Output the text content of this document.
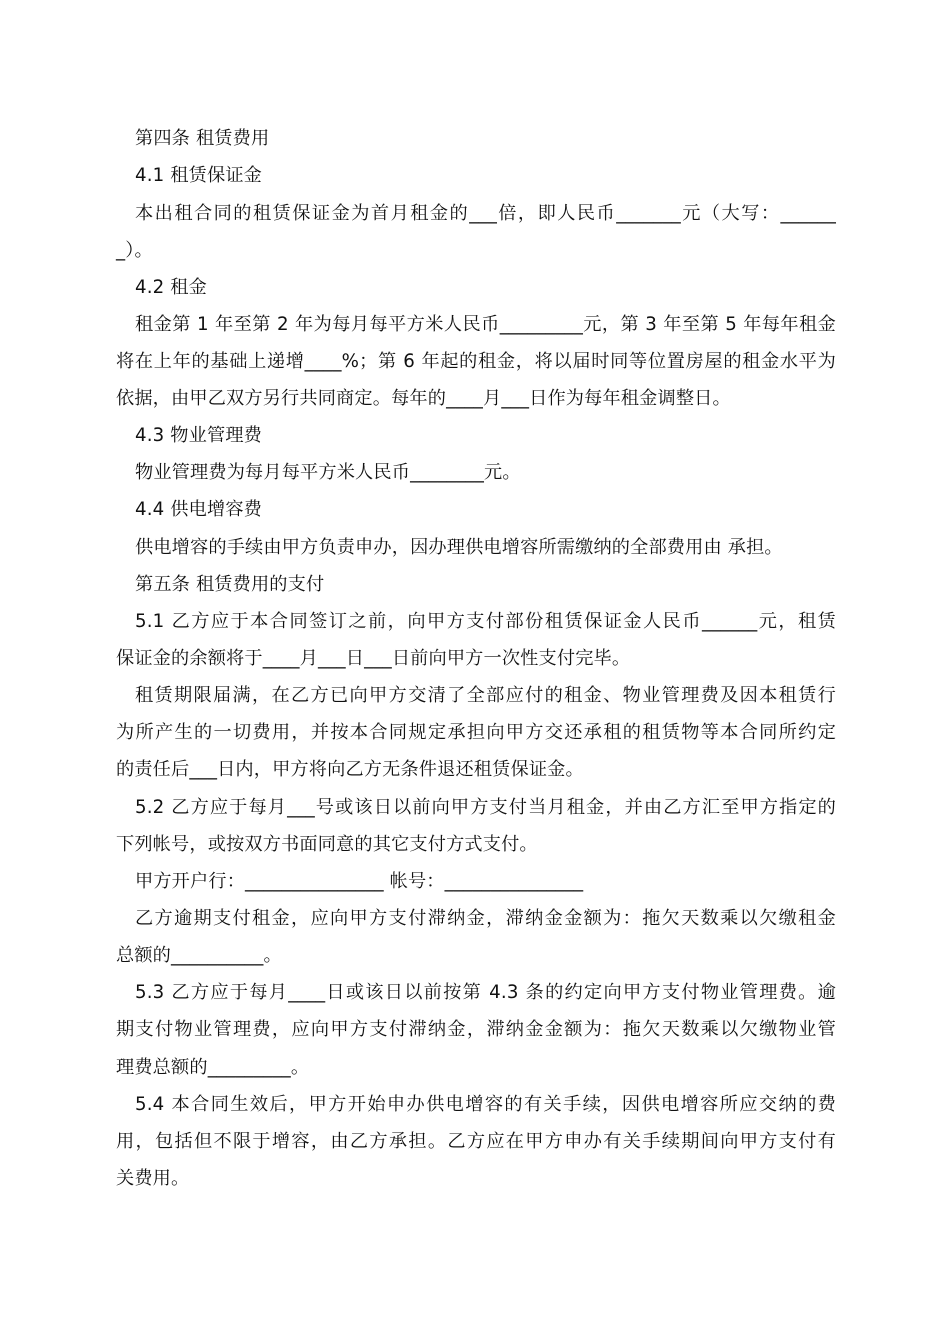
第四条 租赁费用
4.1 租赁保证金
本出租合同的租赁保证金为首月租金的___倍，即人民币_______元（大写：______
_）。
4.2 租金
租金第 1 年至第 2 年为每月每平方米人民币_________元，第 3 年至第 5 年每年租金
将在上年的基础上递增____%；第 6 年起的租金，将以届时同等位置房屋的租金水平为
依据，由甲乙双方另行共同商定。每年的____月___日作为每年租金调整日。
4.3 物业管理费
物业管理费为每月每平方米人民币________元。
4.4 供电增容费
供电增容的手续由甲方负责申办，因办理供电增容所需缴纳的全部费用由 承担。
第五条 租赁费用的支付
5.1 乙方应于本合同签订之前，向甲方支付部份租赁保证金人民币______元，租赁
保证金的余额将于____月___日___日前向甲方一次性支付完毕。
租赁期限届满，在乙方已向甲方交清了全部应付的租金、物业管理费及因本租赁行
为所产生的一切费用，并按本合同规定承担向甲方交还承租的租赁物等本合同所约定
的责任后___日内，甲方将向乙方无条件退还租赁保证金。
5.2 乙方应于每月___号或该日以前向甲方支付当月租金，并由乙方汇至甲方指定的
下列帐号，或按双方书面同意的其它支付方式支付。
甲方开户行：_______________ 帐号：_______________
乙方逾期支付租金，应向甲方支付滞纳金，滞纳金金额为：拖欠天数乘以欠缴租金
总额的__________。
5.3 乙方应于每月____日或该日以前按第 4.3 条的约定向甲方支付物业管理费。逾
期支付物业管理费，应向甲方支付滞纳金，滞纳金金额为：拖欠天数乘以欠缴物业管
理费总额的_________。
5.4 本合同生效后，甲方开始申办供电增容的有关手续，因供电增容所应交纳的费
用，包括但不限于增容，由乙方承担。乙方应在甲方申办有关手续期间向甲方支付有
关费用。
